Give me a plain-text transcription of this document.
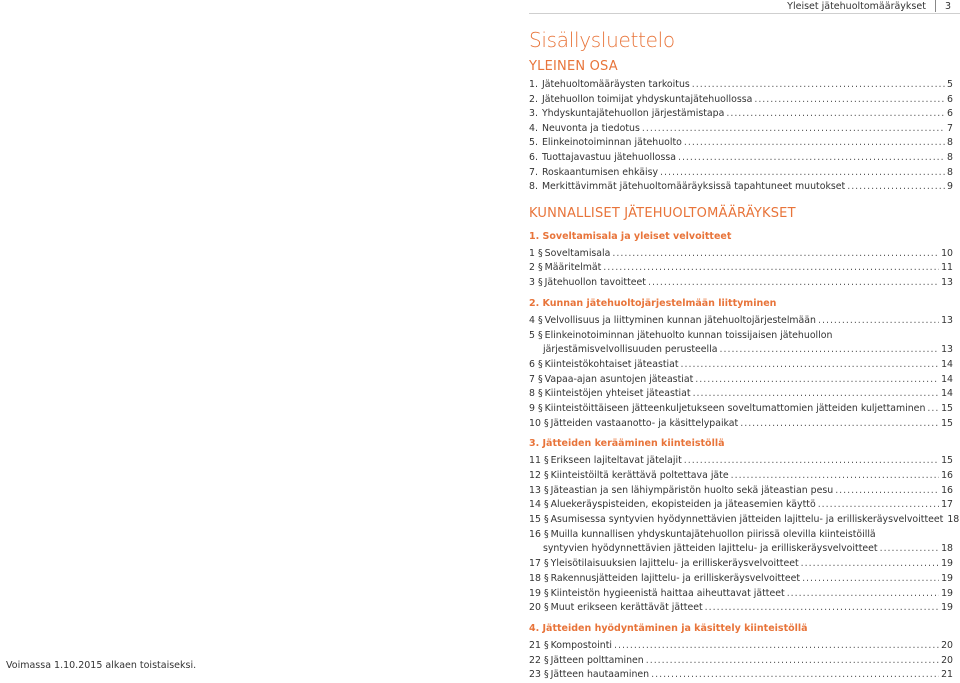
Yleiset jätehuoltomääräykset 3
Sisällysluettelo
YLEINEN OSA
1. Jätehuoltomääräysten tarkoitus .....	5
2. Jätehuollon toimijat yhdyskuntajätehuollossa .....	6
3. Yhdyskuntajätehuollon järjestämistapa .....	6
4. Neuvonta ja tiedotus .....	7
5. Elinkeinotoiminnan jätehuolto .....	8
6. Tuottajavastuu jätehuollossa .....	8
7. Roskaantumisen ehkäisy .....	8
8. Merkittävimmät jätehuoltomääräyksissä tapahtuneet muutokset .....	9
KUNNALLISET JÄTEHUOLTOMÄÄRÄYKSET
1. Soveltamisala ja yleiset velvoitteet
1 § Soveltamisala .....	10
2 § Määritelmät .....	11
3 § Jätehuollon tavoitteet .....	13
2. Kunnan jätehuoltojärjestelmään liittyminen
4 § Velvollisuus ja liittyminen kunnan jätehuoltojärjestelmään .....	13
5 § Elinkeinotoiminnan jätehuolto kunnan toissijaisen jätehuollon
järjestämisvelvollisuuden perusteella .....	13
6 § Kiinteistökohtaiset jäteastiat .....	14
7 § Vapaa-ajan asuntojen jäteastiat .....	14
8 § Kiinteistöjen yhteiset jäteastiat .....	14
9 § Kiinteistöittäiseen jätteenkuljetukseen soveltumattomien jätteiden kuljettaminen ..... 15
10 § Jätteiden vastaanotto- ja käsittelypaikat .....	15
3. Jätteiden kerääminen kiinteistöllä
11 § Erikseen lajiteltavat jätelajit .....	15
12 § Kiinteistöiltä kerättävä poltettava jäte .....	16
13 § Jäteastian ja sen lähiympäristön huolto sekä jäteastian pesu .....	16
14 § Aluekeräyspisteiden, ekopisteiden ja jäteasemien käyttö .....	17
15 § Asumisessa syntyvien hyödynnettävien jätteiden lajittelu- ja erilliskeräysvelvoitteet 18
16 § Muilla kunnallisen yhdyskuntajätehuollon piirissä olevilla kiinteistöillä
syntyvien hyödynnettävien jätteiden lajittelu- ja erilliskeräysvelvoitteet .....	18
17 § Yleisötilaisuuksien lajittelu- ja erilliskeräysvelvoitteet .....	19
18 § Rakennusjätteiden lajittelu- ja erilliskeräysvelvoitteet .....	19
19 § Kiinteistön hygieenistä haittaa aiheuttavat jätteet .....	19
20 § Muut erikseen kerättävät jätteet .....	19
4. Jätteiden hyödyntäminen ja käsittely kiinteistöllä
21 § Kompostointi .....	20
22 § Jätteen polttaminen .....	20
23 § Jätteen hautaaminen .....	21
Voimassa 1.10.2015 alkaen toistaiseksi.
